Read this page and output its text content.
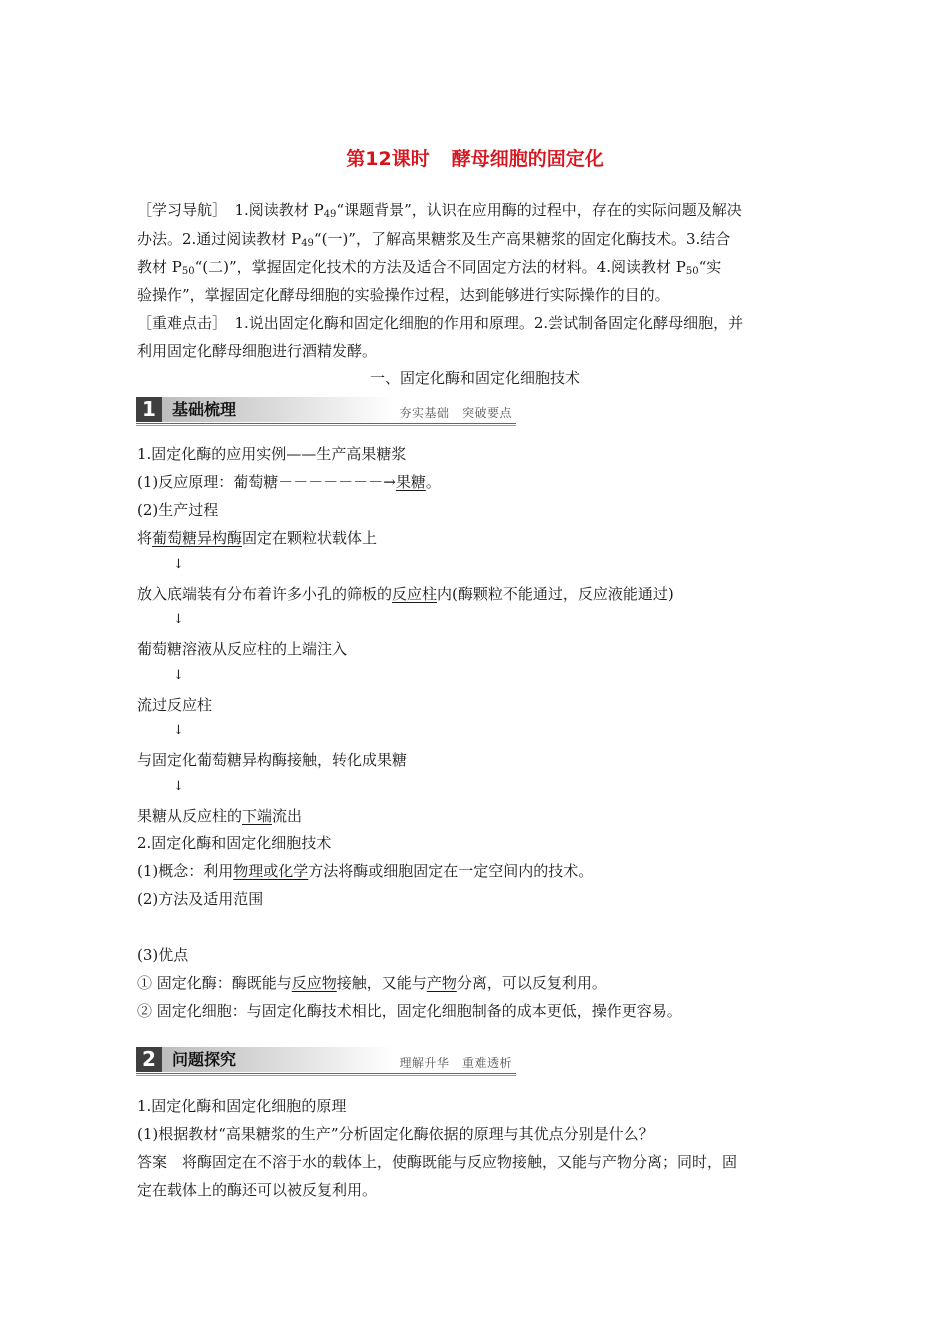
第12课时 酵母细胞的固定化
［学习导航］　1.阅读教材 $P_{49}“$课题背景”，认识在应用酶的过程中，存在的实际问题及解决
办法。2.通过阅读教材 $P_{49}“$(一)”，了解高果糖浆及生产高果糖浆的固定化酶技术。3.结合
教材 $P_{50}“$(二)”，掌握固定化技术的方法及适合不同固定方法的材料。4.阅读教材 $P_{50}“$实
验操作”，掌握固定化酵母细胞的实验操作过程，达到能够进行实际操作的目的。
［重难点击］　1.说出固定化酶和固定化细胞的作用和原理。2.尝试制备固定化酵母细胞，并
利用固定化酵母细胞进行酒精发酵。
一、固定化酶和固定化细胞技术
1	基础梳理	夯实基础　突破要点
1.固定化酶的应用实例——生产高果糖浆
(1)反应原理：葡萄糖－－－－－－－→果糖。
(2)生产过程
将葡萄糖异构酶固定在颗粒状载体上
↓
放入底端装有分布着许多小孔的筛板的反应柱内(酶颗粒不能通过，反应液能通过)
↓
葡萄糖溶液从反应柱的上端注入
↓
流过反应柱
↓
与固定化葡萄糖异构酶接触，转化成果糖
↓
果糖从反应柱的下端流出
2.固定化酶和固定化细胞技术
(1)概念：利用物理或化学方法将酶或细胞固定在一定空间内的技术。
(2)方法及适用范围
(3)优点
① 固定化酶：酶既能与反应物接触，又能与产物分离，可以反复利用。
② 固定化细胞：与固定化酶技术相比，固定化细胞制备的成本更低，操作更容易。
2	问题探究	理解升华　重难透析
1.固定化酶和固定化细胞的原理
(1)根据教材“高果糖浆的生产”分析固定化酶依据的原理与其优点分别是什么？
答案　将酶固定在不溶于水的载体上，使酶既能与反应物接触，又能与产物分离；同时，固
定在载体上的酶还可以被反复利用。
